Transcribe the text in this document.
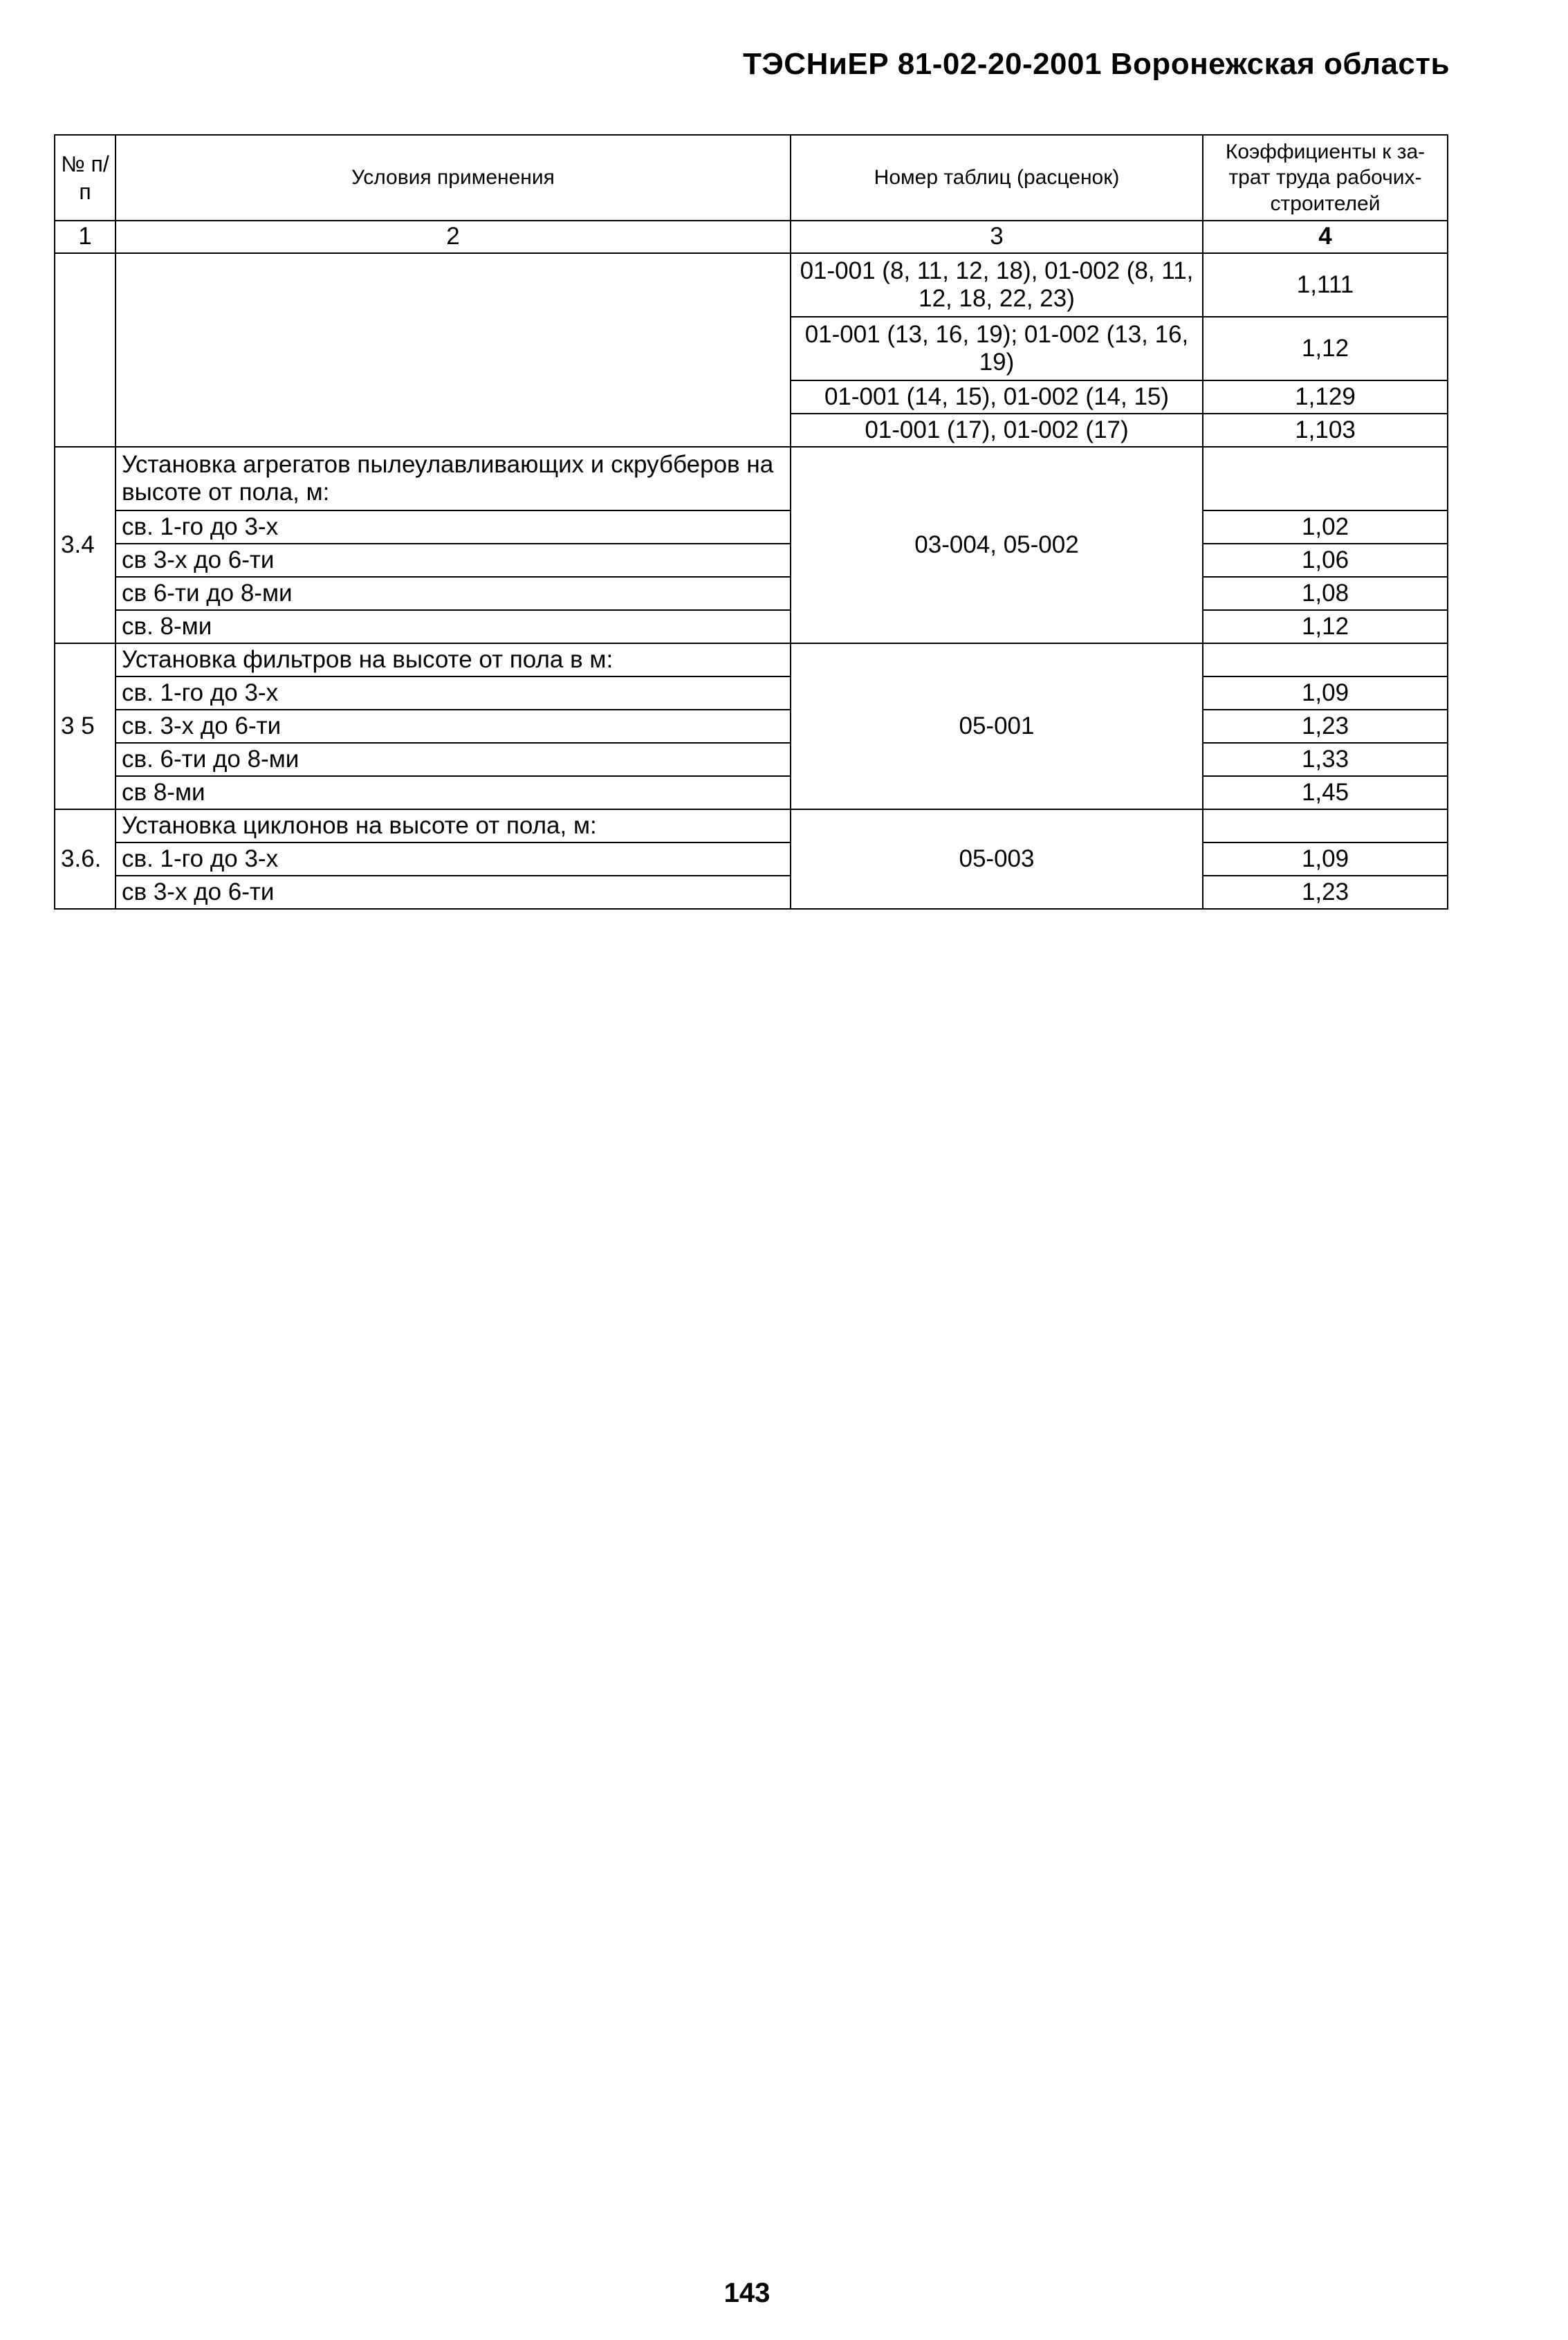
ТЭСНиЕР 81-02-20-2001 Воронежская область
№ п/п	Условия применения	Номер таблиц (расценок)	Коэффициенты к за-трат труда рабочих-строителей
1	2	3	4
		01-001 (8, 11, 12, 18), 01-002 (8, 11, 12, 18, 22, 23)	1,111
		01-001 (13, 16, 19); 01-002 (13, 16, 19)	1,12
		01-001 (14, 15), 01-002 (14, 15)	1,129
		01-001 (17), 01-002 (17)	1,103
3.4	Установка агрегатов пылеулавливающих и скрубберов на высоте от пола, м:	03-004, 05-002	
	св. 1-го до 3-х		1,02
	св 3-х до 6-ти		1,06
	св 6-ти до 8-ми		1,08
	св. 8-ми		1,12
3 5	Установка фильтров на высоте от пола в м:	05-001	
	св. 1-го до 3-х		1,09
	св. 3-х до 6-ти		1,23
	св. 6-ти до 8-ми		1,33
	св 8-ми		1,45
3.6.	Установка циклонов на высоте от пола, м:	05-003	
	св. 1-го до 3-х		1,09
	св 3-х до 6-ти		1,23
143
